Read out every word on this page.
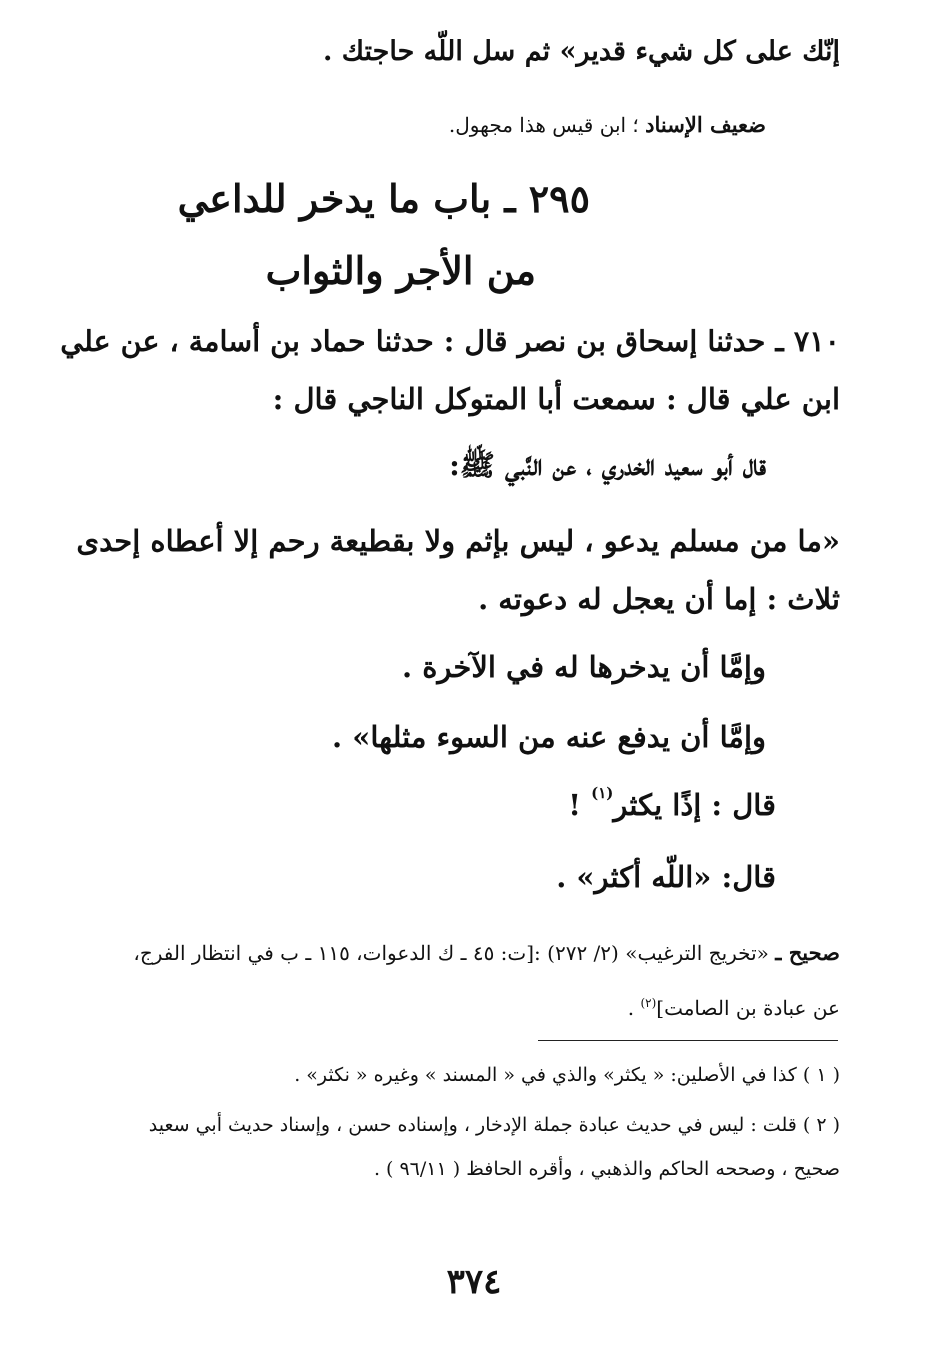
إنّك على كل شيء قدير» ثم سل اللّه حاجتك .
ضعيف الإسناد ؛ ابن قيس هذا مجهول.
٢٩٥ ـ باب ما يدخر للداعي
من الأجر والثواب
٧١٠ ـ حدثنا إسحاق بن نصر قال : حدثنا حماد بن أسامة ، عن علي
ابن علي قال : سمعت أبا المتوكل الناجي قال :
قال أبو سعيد الخدري ، عن النَّبي ﷺ:
«ما من مسلم يدعو ، ليس بإثم ولا بقطيعة رحم إلا أعطاه إحدى
ثلاث : إما أن يعجل له دعوته .
وإمَّا أن يدخرها له في الآخرة .
وإمَّا أن يدفع عنه من السوء مثلها» .
قال : إذًا يكثر$^{(١)}$ !
قال: «اللّه أكثر» .
صحيح ـ «تخريج الترغيب» (٢/ ٢٧٢) :[ت: ٤٥ ـ ك الدعوات، ١١٥ ـ ب في انتظار الفرج،
عن عبادة بن الصامت]$^{(٢)}$ .
( ١ ) كذا في الأصلين: « يكثر» والذي في « المسند » وغيره « نكثر» .
( ٢ ) قلت : ليس في حديث عبادة جملة الإدخار ، وإسناده حسن ، وإسناد حديث أبي سعيد
صحيح ، وصححه الحاكم والذهبي ، وأقره الحافظ ( ٩٦/١١ ) .
٣٧٤
